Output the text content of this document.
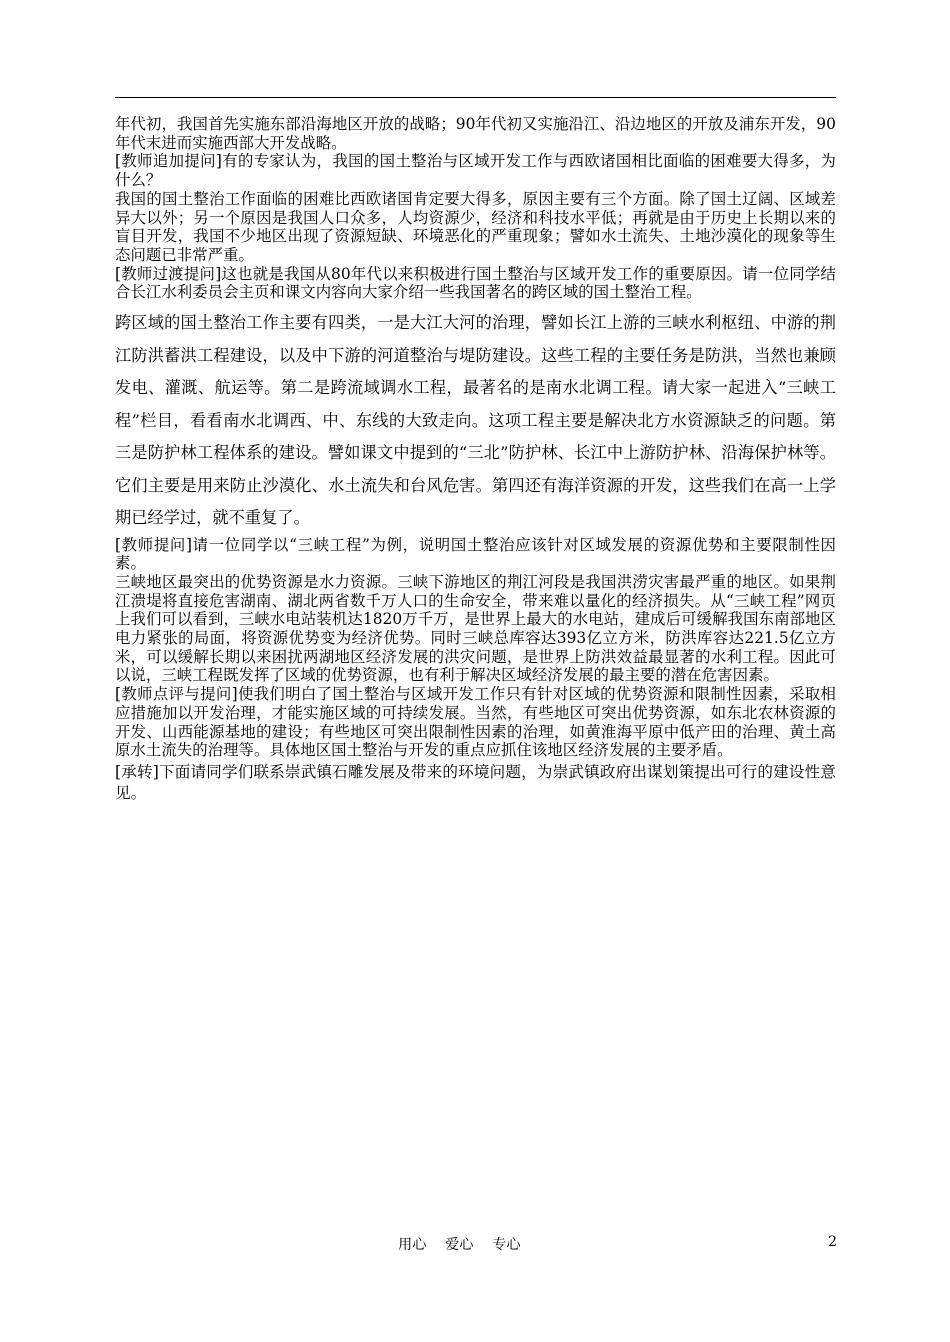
年代初，我国首先实施东部沿海地区开放的战略；90年代初又实施沿江、沿边地区的开放及浦东开发，90年代末进而实施西部大开发战略。

[教师追加提问]有的专家认为，我国的国土整治与区域开发工作与西欧诸国相比面临的困难要大得多，为什么？

我国的国土整治工作面临的困难比西欧诸国肯定要大得多，原因主要有三个方面。除了国土辽阔、区域差异大以外；另一个原因是我国人口众多，人均资源少，经济和科技水平低；再就是由于历史上长期以来的盲目开发，我国不少地区出现了资源短缺、环境恶化的严重现象；譬如水土流失、土地沙漠化的现象等生态问题已非常严重。

[教师过渡提问]这也就是我国从80年代以来积极进行国土整治与区域开发工作的重要原因。请一位同学结合长江水利委员会主页和课文内容向大家介绍一些我国著名的跨区域的国土整治工程。

跨区域的国土整治工作主要有四类，一是大江大河的治理，譬如长江上游的三峡水利枢纽、中游的荆江防洪蓄洪工程建设，以及中下游的河道整治与堤防建设。这些工程的主要任务是防洪，当然也兼顾发电、灌溉、航运等。第二是跨流域调水工程，最著名的是南水北调工程。请大家一起进入“三峡工程”栏目，看看南水北调西、中、东线的大致走向。这项工程主要是解决北方水资源缺乏的问题。第三是防护林工程体系的建设。譬如课文中提到的“三北”防护林、长江中上游防护林、沿海保护林等。它们主要是用来防止沙漠化、水土流失和台风危害。第四还有海洋资源的开发，这些我们在高一上学期已经学过，就不重复了。

[教师提问]请一位同学以“三峡工程”为例，说明国土整治应该针对区域发展的资源优势和主要限制性因素。

三峡地区最突出的优势资源是水力资源。三峡下游地区的荆江河段是我国洪涝灾害最严重的地区。如果荆江溃堤将直接危害湖南、湖北两省数千万人口的生命安全，带来难以量化的经济损失。从“三峡工程”网页上我们可以看到，三峡水电站装机达1820万千万，是世界上最大的水电站，建成后可缓解我国东南部地区电力紧张的局面，将资源优势变为经济优势。同时三峡总库容达393亿立方米，防洪库容达221.5亿立方米，可以缓解长期以来困扰两湖地区经济发展的洪灾问题，是世界上防洪效益最显著的水利工程。因此可以说，三峡工程既发挥了区域的优势资源，也有利于解决区域经济发展的最主要的潜在危害因素。

[教师点评与提问]使我们明白了国土整治与区域开发工作只有针对区域的优势资源和限制性因素，采取相应措施加以开发治理，才能实施区域的可持续发展。当然，有些地区可突出优势资源，如东北农林资源的开发、山西能源基地的建设；有些地区可突出限制性因素的治理，如黄淮海平原中低产田的治理、黄土高原水土流失的治理等。具体地区国土整治与开发的重点应抓住该地区经济发展的主要矛盾。

[承转]下面请同学们联系崇武镇石雕发展及带来的环境问题，为崇武镇政府出谋划策提出可行的建设性意见。

用心　 爱心　 专心	2
